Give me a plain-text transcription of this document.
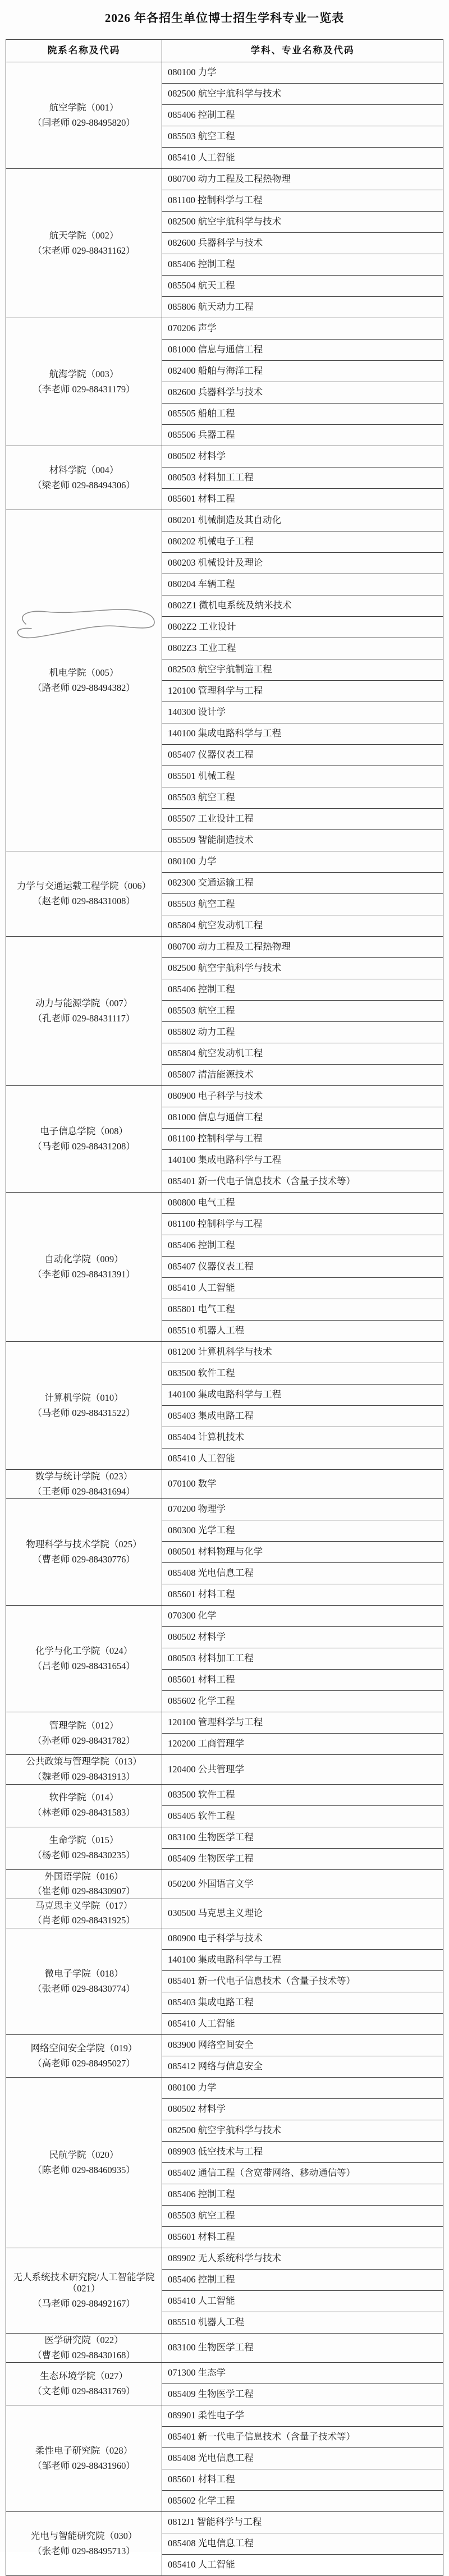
2026 年各招生单位博士招生学科专业一览表
院系名称及代码	学科、专业名称及代码

航空学院（001）
（闫老师 029-88495820）	080100 力学
	082500 航空宇航科学与技术
	085406 控制工程
	085503 航空工程
	085410 人工智能

航天学院（002）
（宋老师 029-88431162）	080700 动力工程及工程热物理
	081100 控制科学与工程
	082500 航空宇航科学与技术
	082600 兵器科学与技术
	085406 控制工程
	085504 航天工程
	085806 航天动力工程

航海学院（003）
（李老师 029-88431179）	070206 声学
	081000 信息与通信工程
	082400 船舶与海洋工程
	082600 兵器科学与技术
	085505 船舶工程
	085506 兵器工程

材料学院（004）
（梁老师 029-88494306）	080502 材料学
	080503 材料加工工程
	085601 材料工程

机电学院（005）
（路老师 029-88494382）	080201 机械制造及其自动化
	080202 机械电子工程
	080203 机械设计及理论
	080204 车辆工程
	0802Z1 微机电系统及纳米技术
	0802Z2 工业设计
	0802Z3 工业工程
	082503 航空宇航制造工程
	120100 管理科学与工程
	140300 设计学
	140100 集成电路科学与工程
	085407 仪器仪表工程
	085501 机械工程
	085503 航空工程
	085507 工业设计工程
	085509 智能制造技术

力学与交通运载工程学院（006）
（赵老师 029-88431008）	080100 力学
	082300 交通运输工程
	085503 航空工程
	085804 航空发动机工程

动力与能源学院（007）
（孔老师 029-88431117）	080700 动力工程及工程热物理
	082500 航空宇航科学与技术
	085406 控制工程
	085503 航空工程
	085802 动力工程
	085804 航空发动机工程
	085807 清洁能源技术

电子信息学院（008）
（马老师 029-88431208）	080900 电子科学与技术
	081000 信息与通信工程
	081100 控制科学与工程
	140100 集成电路科学与工程
	085401 新一代电子信息技术（含量子技术等）

自动化学院（009）
（李老师 029-88431391）	080800 电气工程
	081100 控制科学与工程
	085406 控制工程
	085407 仪器仪表工程
	085410 人工智能
	085801 电气工程
	085510 机器人工程

计算机学院（010）
（马老师 029-88431522）	081200 计算机科学与技术
	083500 软件工程
	140100 集成电路科学与工程
	085403 集成电路工程
	085404 计算机技术
	085410 人工智能

数学与统计学院（023）
（王老师 029-88431694）	070100 数学

物理科学与技术学院（025）
（曹老师 029-88430776）	070200 物理学
	080300 光学工程
	080501 材料物理与化学
	085408 光电信息工程
	085601 材料工程

化学与化工学院（024）
（吕老师 029-88431654）	070300 化学
	080502 材料学
	080503 材料加工工程
	085601 材料工程
	085602 化学工程

管理学院（012）
（孙老师 029-88431782）	120100 管理科学与工程
	120200 工商管理学

公共政策与管理学院（013）
（魏老师 029-88431913）	120400 公共管理学

软件学院（014）
（林老师 029-88431583）	083500 软件工程
	085405 软件工程

生命学院（015）
（杨老师 029-88430235）	083100 生物医学工程
	085409 生物医学工程

外国语学院（016）
（崔老师 029-88430907）	050200 外国语言文学

马克思主义学院（017）
（肖老师 029-88431925）	030500 马克思主义理论

微电子学院（018）
（张老师 029-88430774）	080900 电子科学与技术
	140100 集成电路科学与工程
	085401 新一代电子信息技术（含量子技术等）
	085403 集成电路工程
	085410 人工智能

网络空间安全学院（019）
（高老师 029-88495027）	083900 网络空间安全
	085412 网络与信息安全

民航学院（020）
（陈老师 029-88460935）	080100 力学
	080502 材料学
	082500 航空宇航科学与技术
	089903 低空技术与工程
	085402 通信工程（含宽带网络、移动通信等）
	085406 控制工程
	085503 航空工程
	085601 材料工程

无人系统技术研究院/人工智能学院（021）
（马老师 029-88492167）	089902 无人系统科学与技术
	085406 控制工程
	085410 人工智能
	085510 机器人工程

医学研究院（022）
（曹老师 029-88430168）	083100 生物医学工程

生态环境学院（027）
（文老师 029-88431769）	071300 生态学
	085409 生物医学工程

柔性电子研究院（028）
（邹老师 029-88431960）	089901 柔性电子学
	085401 新一代电子信息技术（含量子技术等）
	085408 光电信息工程
	085601 材料工程
	085602 化学工程

光电与智能研究院（030）
（张老师 029-88495713）	0812J1 智能科学与工程
	085408 光电信息工程
	085410 人工智能
